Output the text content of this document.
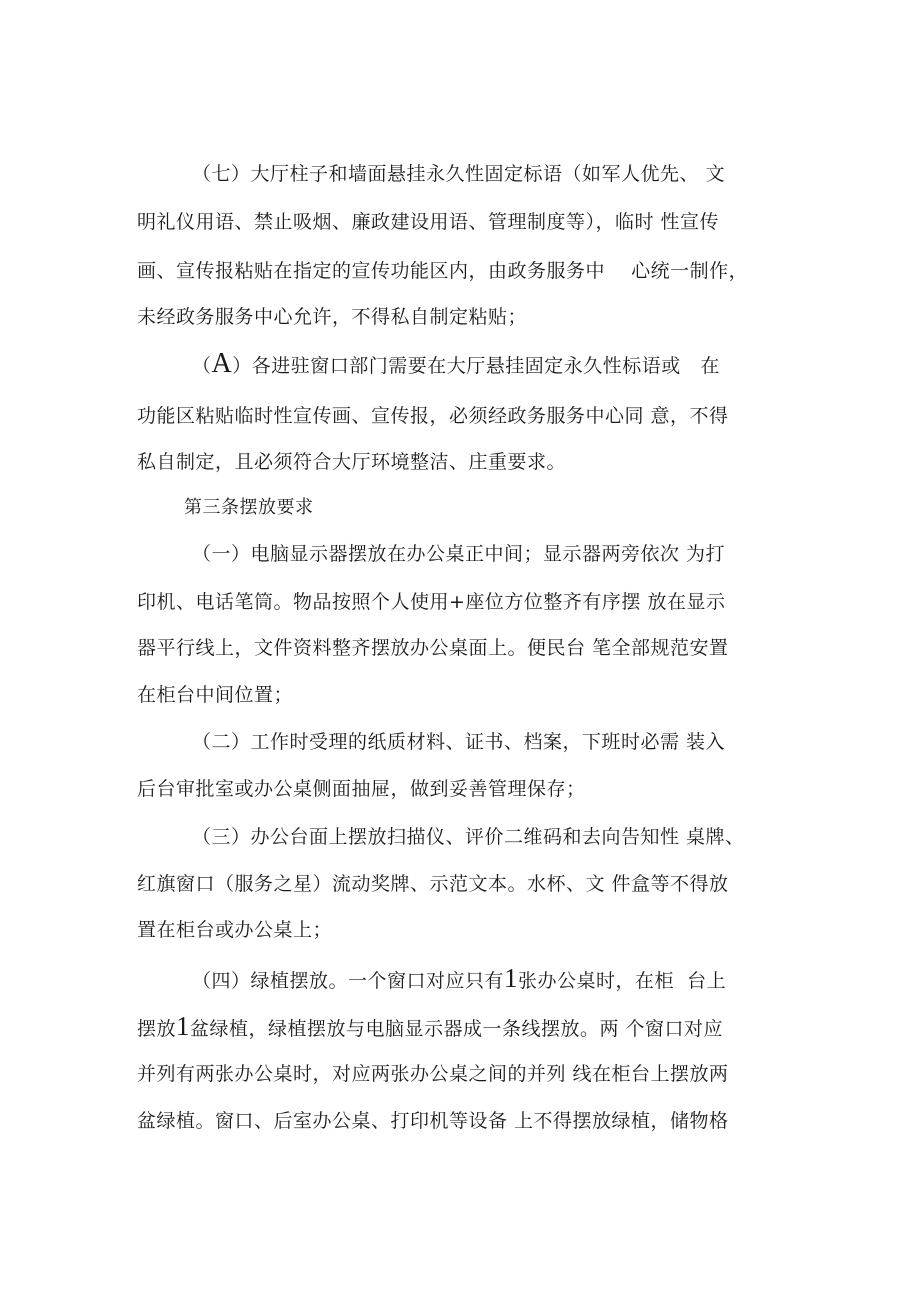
（七）大厅柱子和墙面悬挂永久性固定标语（如军人优先、 文
明礼仪用语、禁止吸烟、廉政建设用语、管理制度等），临时 性宣传
画、宣传报粘贴在指定的宣传功能区内，由政务服务中    心统一制作，
未经政务服务中心允许，不得私自制定粘贴；
（A）各进驻窗口部门需要在大厅悬挂固定永久性标语或   在
功能区粘贴临时性宣传画、宣传报，必须经政务服务中心同 意，不得
私自制定，且必须符合大厅环境整洁、庄重要求。
第三条摆放要求
（一）电脑显示器摆放在办公桌正中间；显示器两旁依次 为打
印机、电话笔筒。物品按照个人使用+座位方位整齐有序摆 放在显示
器平行线上，文件资料整齐摆放办公桌面上。便民台 笔全部规范安置
在柜台中间位置；
（二）工作时受理的纸质材料、证书、档案，下班时必需 装入
后台审批室或办公桌侧面抽屉，做到妥善管理保存；
（三）办公台面上摆放扫描仪、评价二维码和去向告知性 桌牌、
红旗窗口（服务之星）流动奖牌、示范文本。水杯、文 件盒等不得放
置在柜台或办公桌上；
（四）绿植摆放。一个窗口对应只有1张办公桌时，在柜  台上
摆放1盆绿植，绿植摆放与电脑显示器成一条线摆放。两 个窗口对应
并列有两张办公桌时，对应两张办公桌之间的并列 线在柜台上摆放两
盆绿植。窗口、后室办公桌、打印机等设备 上不得摆放绿植，储物格
